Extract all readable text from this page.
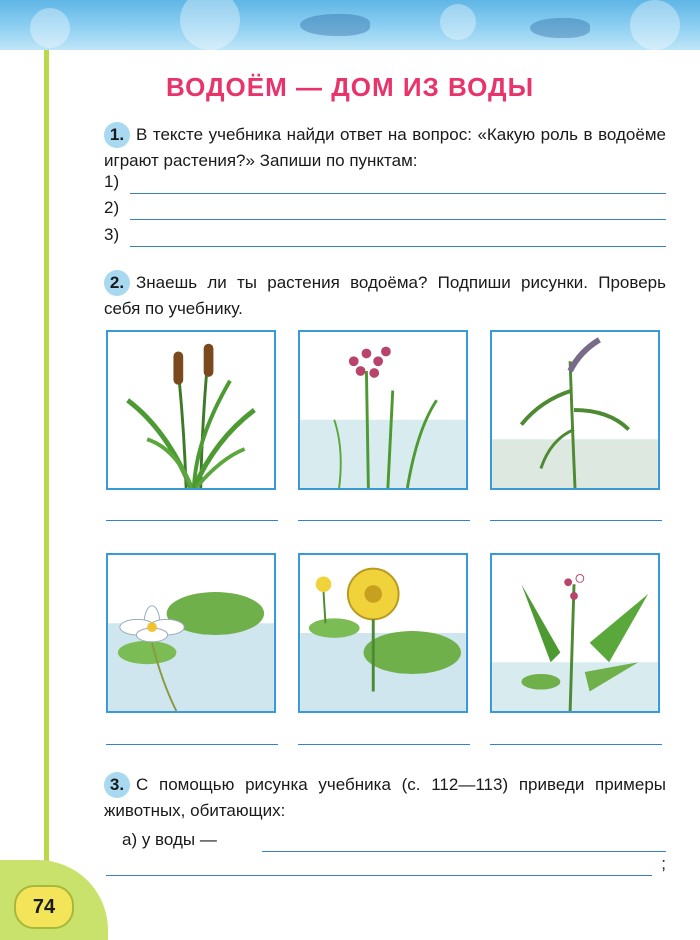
74
ВОДОЁМ — ДОМ ИЗ ВОДЫ
1. В тексте учебника найди ответ на вопрос: «Какую роль в водоёме играют растения?» Запиши по пунктам:
1)
2)
3)
2. Знаешь ли ты растения водоёма? Подпиши рисунки. Проверь себя по учебнику.
3. С помощью рисунка учебника (с. 112—113) приведи примеры животных, обитающих:
а) у воды —
;
